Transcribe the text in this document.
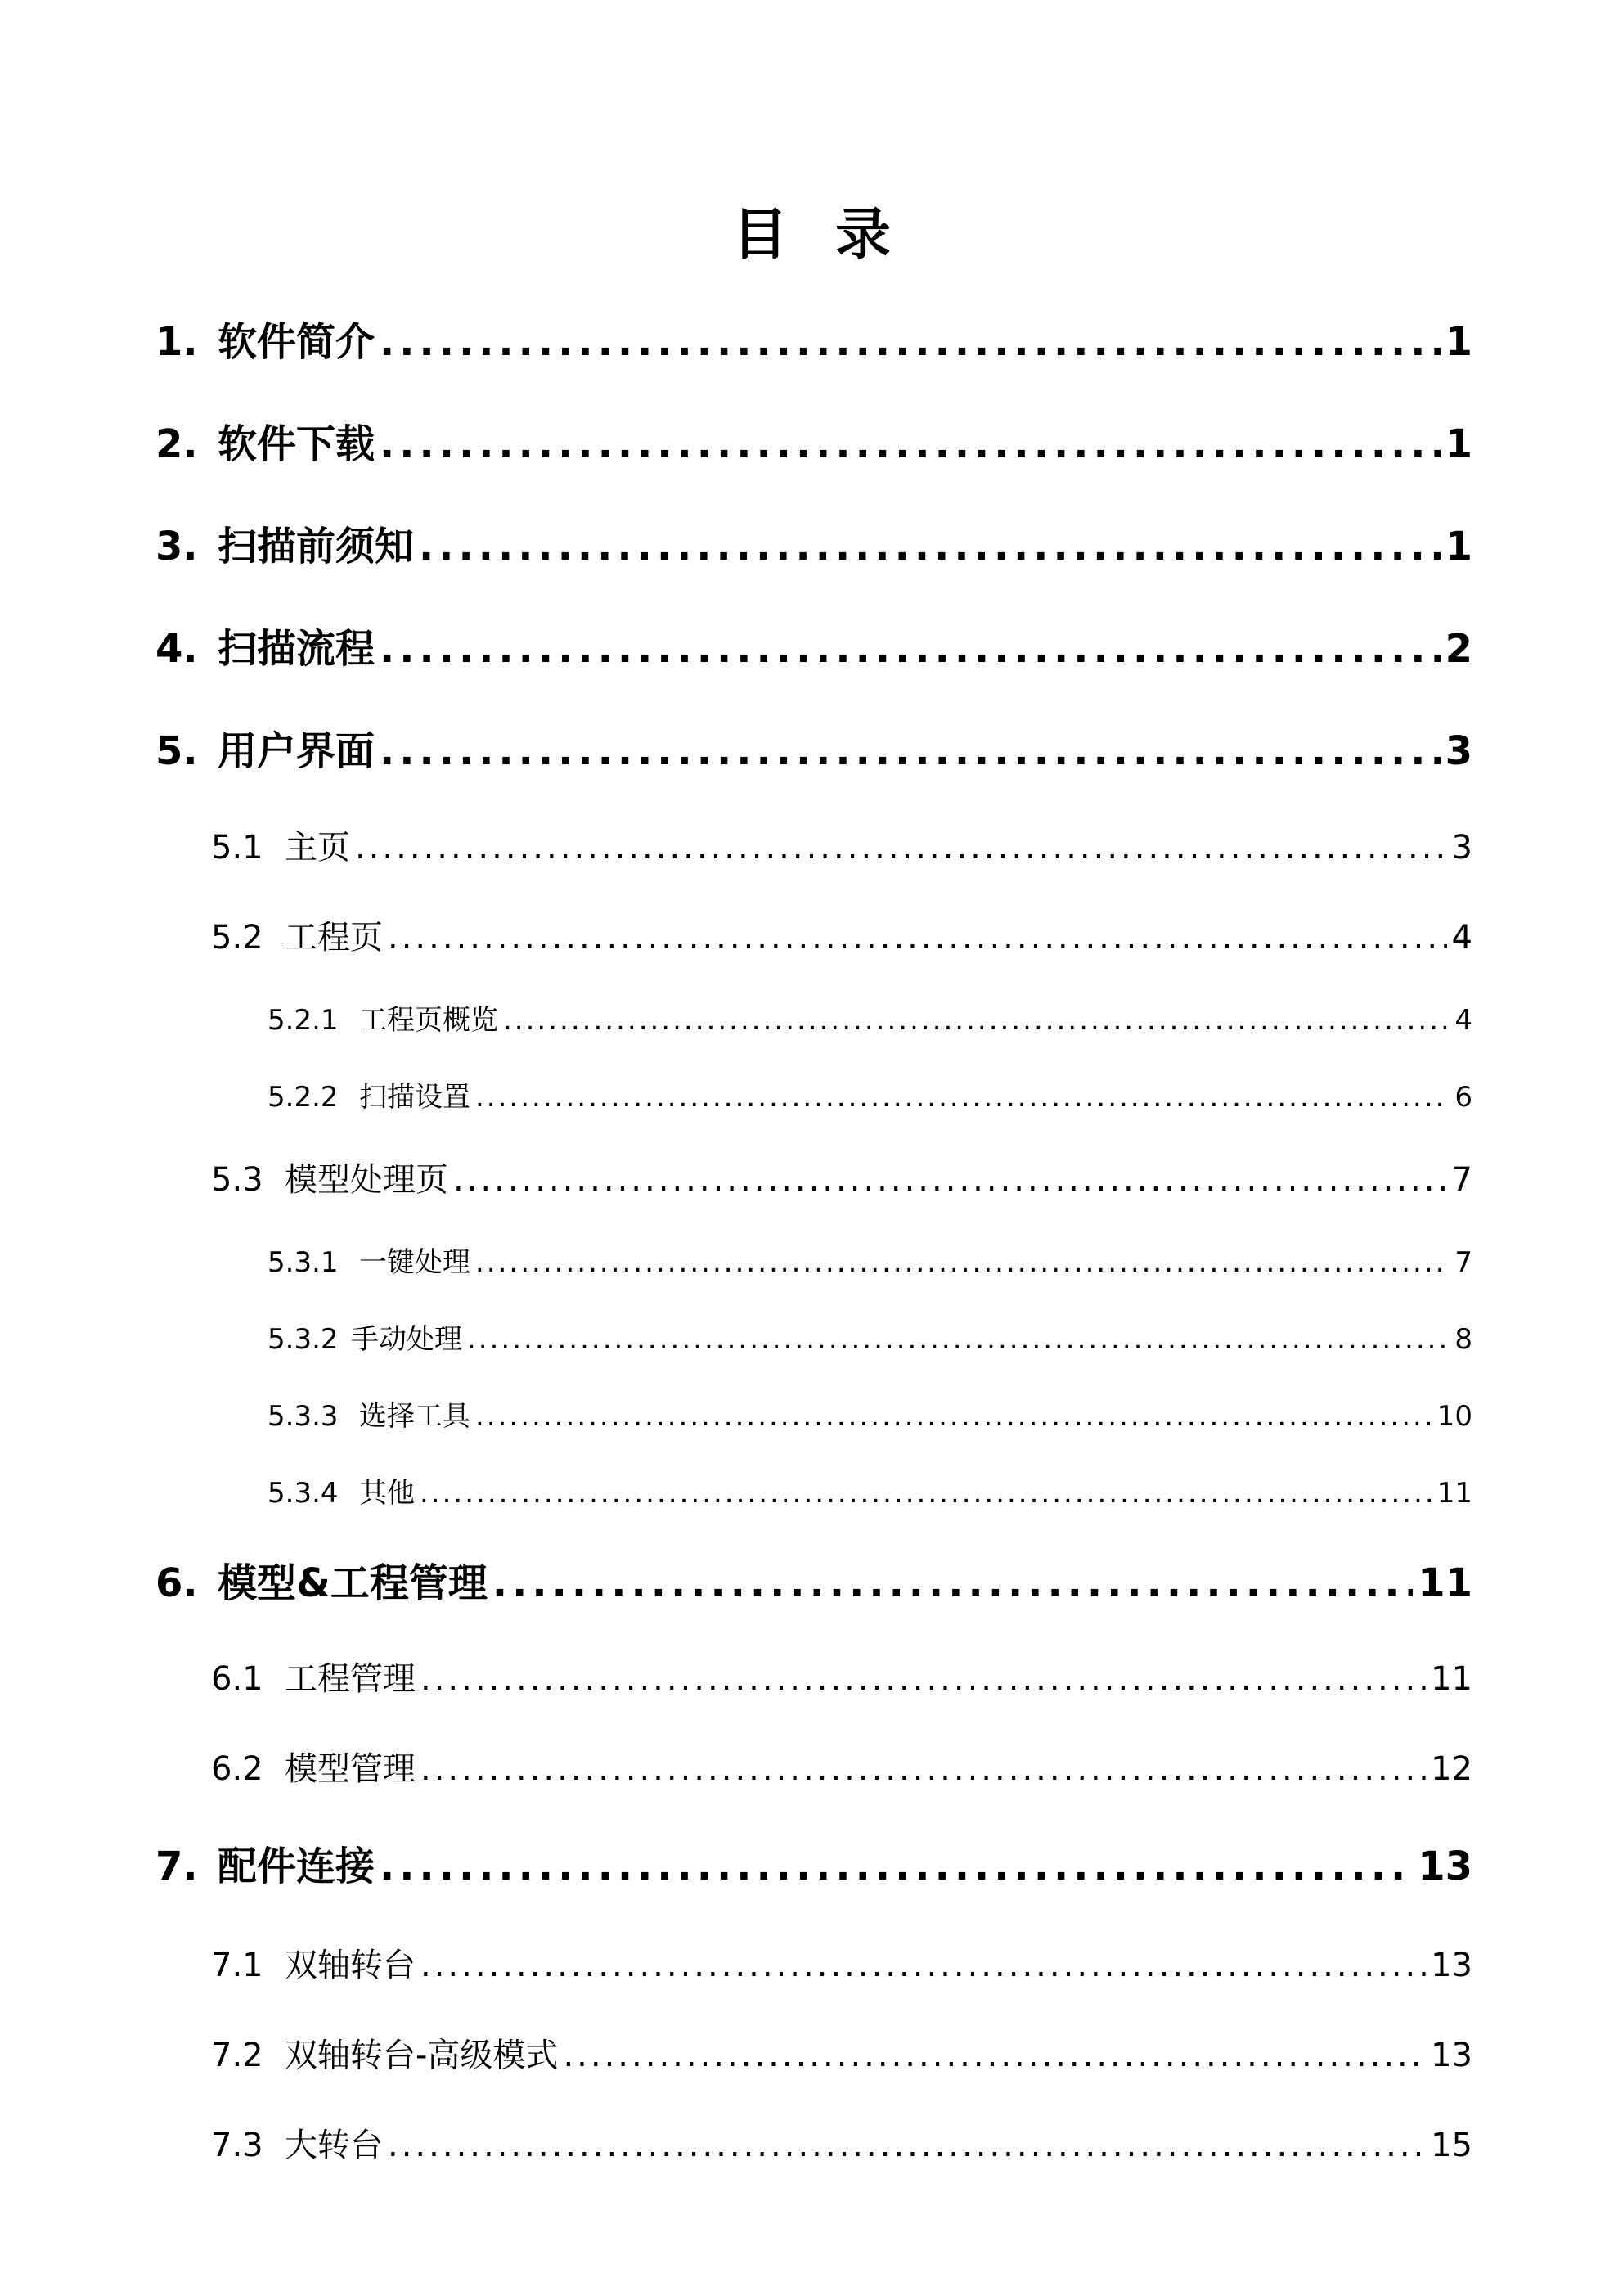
目录
1. 软件简介 .....	1
2. 软件下载 .....	1
3. 扫描前须知 .....	1
4. 扫描流程 .....	2
5. 用户界面 .....	3
5.1 主页 .....	3
5.2 工程页 .....	4
5.2.1 工程页概览 .....	4
5.2.2 扫描设置 .....	6
5.3 模型处理页 .....	7
5.3.1 一键处理 .....	7
5.3.2 手动处理 .....	8
5.3.3 选择工具 .....	10
5.3.4 其他 .....	11
6. 模型&工程管理 .....	11
6.1 工程管理 .....	11
6.2 模型管理 .....	12
7. 配件连接 .....	13
7.1 双轴转台 .....	13
7.2 双轴转台-高级模式 .....	13
7.3 大转台 .....	15
